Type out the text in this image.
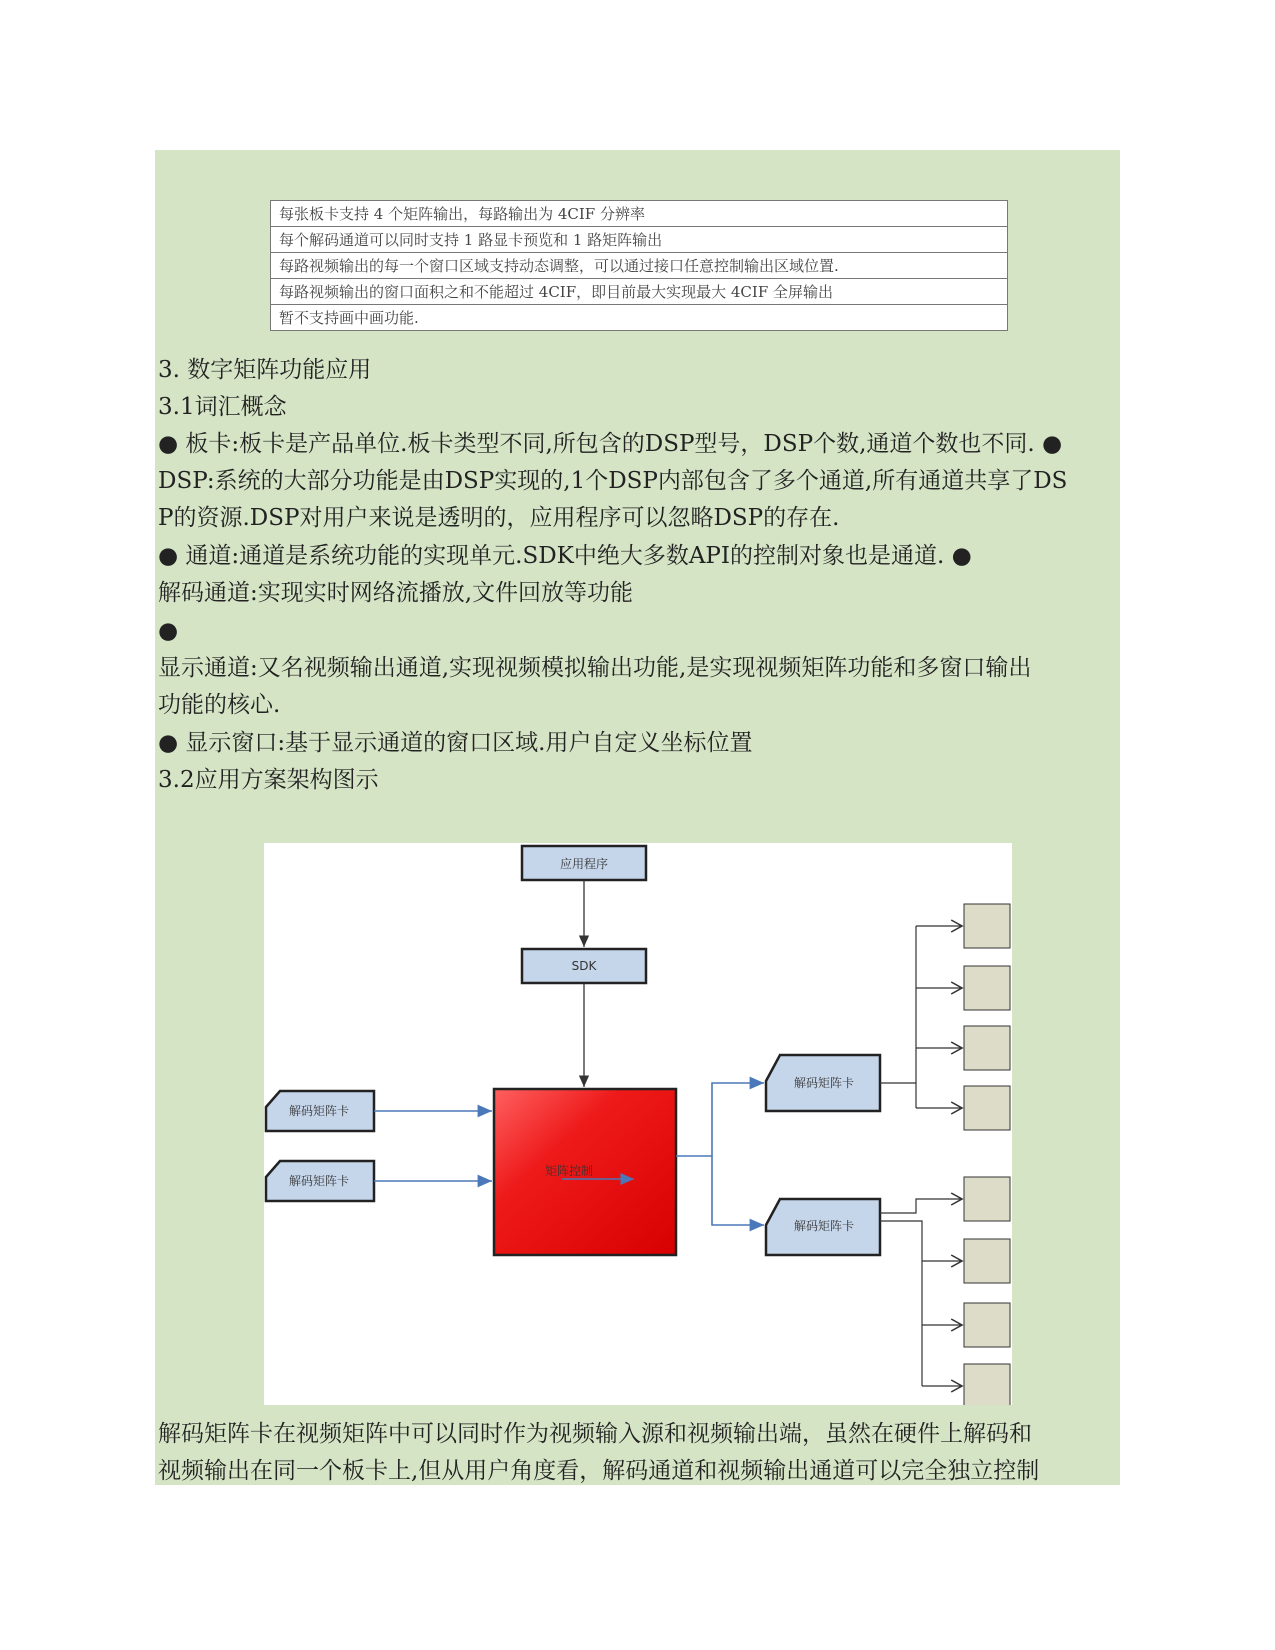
每张板卡支持 4 个矩阵输出，每路输出为 4CIF 分辨率
每个解码通道可以同时支持 1 路显卡预览和 1 路矩阵输出
每路视频输出的每一个窗口区域支持动态调整，可以通过接口任意控制输出区域位置.
每路视频输出的窗口面积之和不能超过 4CIF，即目前最大实现最大 4CIF 全屏输出
暂不支持画中画功能.
3. 数字矩阵功能应用
3.1词汇概念
● 板卡:板卡是产品单位.板卡类型不同,所包含的DSP型号，DSP个数,通道个数也不同. ●
DSP:系统的大部分功能是由DSP实现的,1个DSP内部包含了多个通道,所有通道共享了DS
P的资源.DSP对用户来说是透明的，应用程序可以忽略DSP的存在.
● 通道:通道是系统功能的实现单元.SDK中绝大多数API的控制对象也是通道. ●
解码通道:实现实时网络流播放,文件回放等功能
●
显示通道:又名视频输出通道,实现视频模拟输出功能,是实现视频矩阵功能和多窗口输出
功能的核心.
● 显示窗口:基于显示通道的窗口区域.用户自定义坐标位置
3.2应用方案架构图示
应用程序
SDK
矩阵控制
解码矩阵卡
解码矩阵卡
解码矩阵卡
解码矩阵卡
解码矩阵卡在视频矩阵中可以同时作为视频输入源和视频输出端，虽然在硬件上解码和
视频输出在同一个板卡上,但从用户角度看，解码通道和视频输出通道可以完全独立控制
